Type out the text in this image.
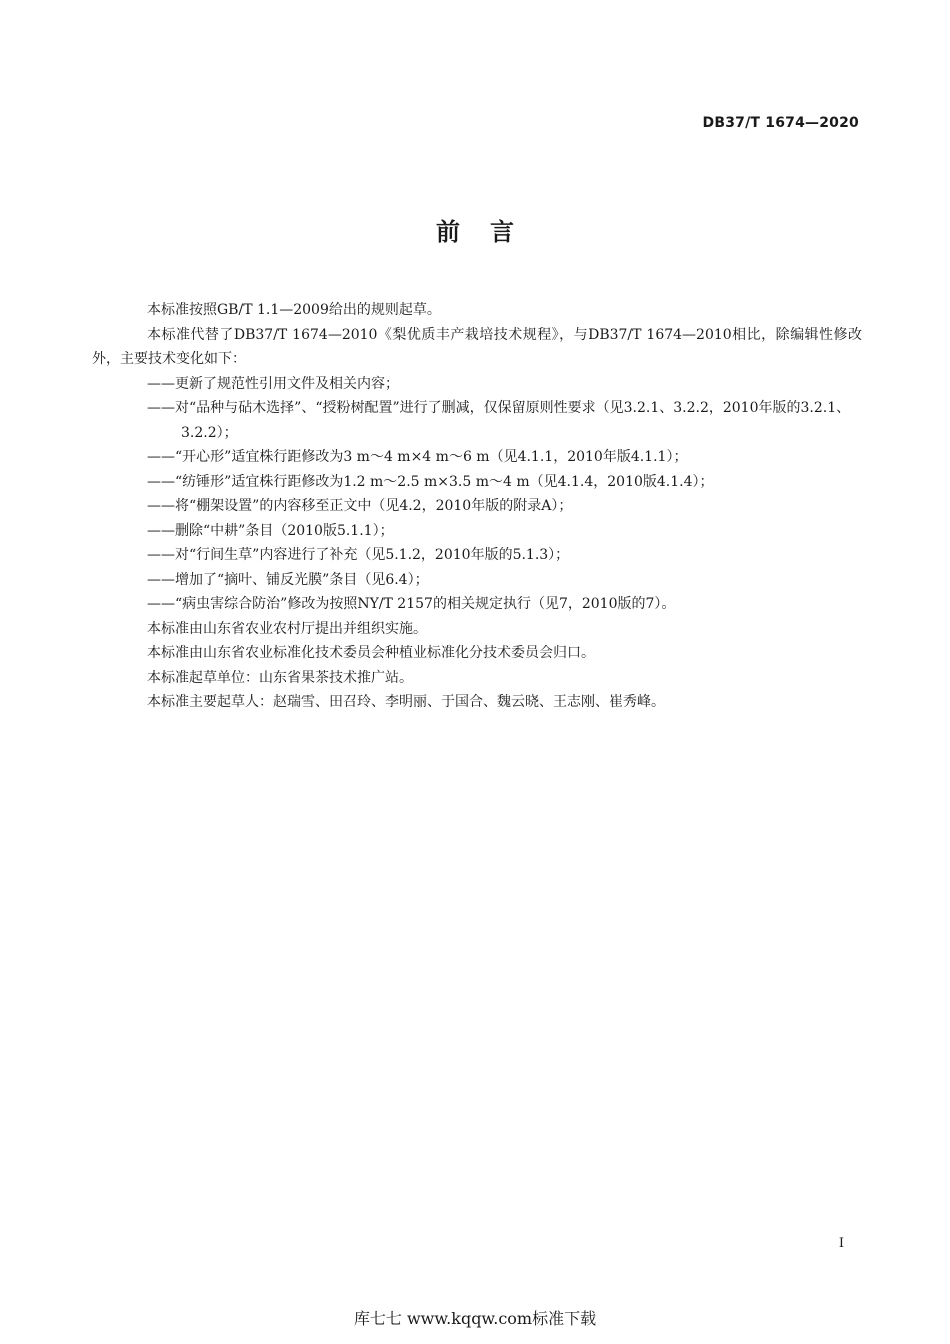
DB37/T 1674—2020
前言

本标准按照GB/T 1.1—2009给出的规则起草。

本标准代替了DB37/T 1674—2010《梨优质丰产栽培技术规程》，与DB37/T 1674—2010相比，除编辑性修改外，主要技术变化如下：

——更新了规范性引用文件及相关内容；

——对“品种与砧木选择”、“授粉树配置”进行了删减，仅保留原则性要求（见3.2.1、3.2.2，2010年版的3.2.1、3.2.2）；

——“开心形”适宜株行距修改为3 m～4 m×4 m～6 m（见4.1.1，2010年版4.1.1）；

——“纺锤形”适宜株行距修改为1.2 m～2.5 m×3.5 m～4 m（见4.1.4，2010版4.1.4）；

——将“棚架设置”的内容移至正文中（见4.2，2010年版的附录A）；

——删除“中耕”条目（2010版5.1.1）；

——对“行间生草”内容进行了补充（见5.1.2，2010年版的5.1.3）；

——增加了“摘叶、铺反光膜”条目（见6.4）；

——“病虫害综合防治”修改为按照NY/T 2157的相关规定执行（见7，2010版的7）。

本标准由山东省农业农村厅提出并组织实施。

本标准由山东省农业标准化技术委员会种植业标准化分技术委员会归口。

本标准起草单位：山东省果茶技术推广站。

本标准主要起草人：赵瑞雪、田召玲、李明丽、于国合、魏云晓、王志刚、崔秀峰。

I
库七七 www.kqqw.com标准下载
